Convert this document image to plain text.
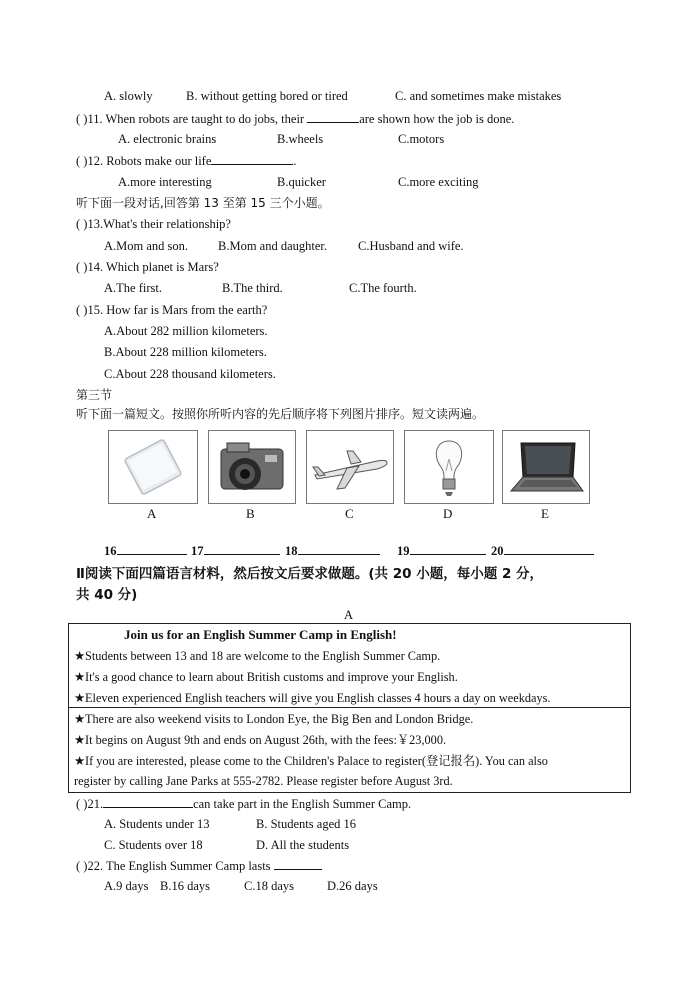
A. slowly	B. without getting bored or tired	C. and sometimes make mistakes
( )11. When robots are taught to do jobs, their	are shown how the job is done.
A. electronic brains	B.wheels	C.motors
( )12. Robots make our life	.
A.more interesting	B.quicker	C.more exciting
听下面一段对话,回答第 13 至第 15 三个小题。
( )13.What's their relationship?
A.Mom and son. B.Mom and daughter. C.Husband and wife.
( )14. Which planet is Mars?
A.The first.	B.The third.	C.The fourth.
( )15. How far is Mars from the earth?
A.About 282 million kilometers.
B.About 228 million kilometers.
C.About 228 thousand kilometers.
第三节
听下面一篇短文。按照你所听内容的先后顺序将下列图片排序。短文读两遍。
A	B	C	D	E
16	17	18	19	20
Ⅱ阅读下面四篇语言材料，然后按文后要求做题。(共 20 小题，每小题 2 分，
共 40 分)
A
Join us for an English Summer Camp in English!
★Students between 13 and 18 are welcome to the English Summer Camp.
★It's a good chance to learn about British customs and improve your English.
★Eleven experienced English teachers will give you English classes 4 hours a day on weekdays.
★There are also weekend visits to London Eye, the Big Ben and London Bridge.
★It begins on August 9th and ends on August 26th, with the fees:￥23,000.
★If you are interested, please come to the Children's Palace to register(登记报名). You can also
register by calling Jane Parks at 555-2782. Please register before August 3rd.
( )21.	can take part in the English Summer Camp.
A. Students under 13	B. Students aged 16
C. Students over 18	D. All the students
( )22. The English Summer Camp lasts
A.9 days B.16 days	C.18 days	D.26 days
